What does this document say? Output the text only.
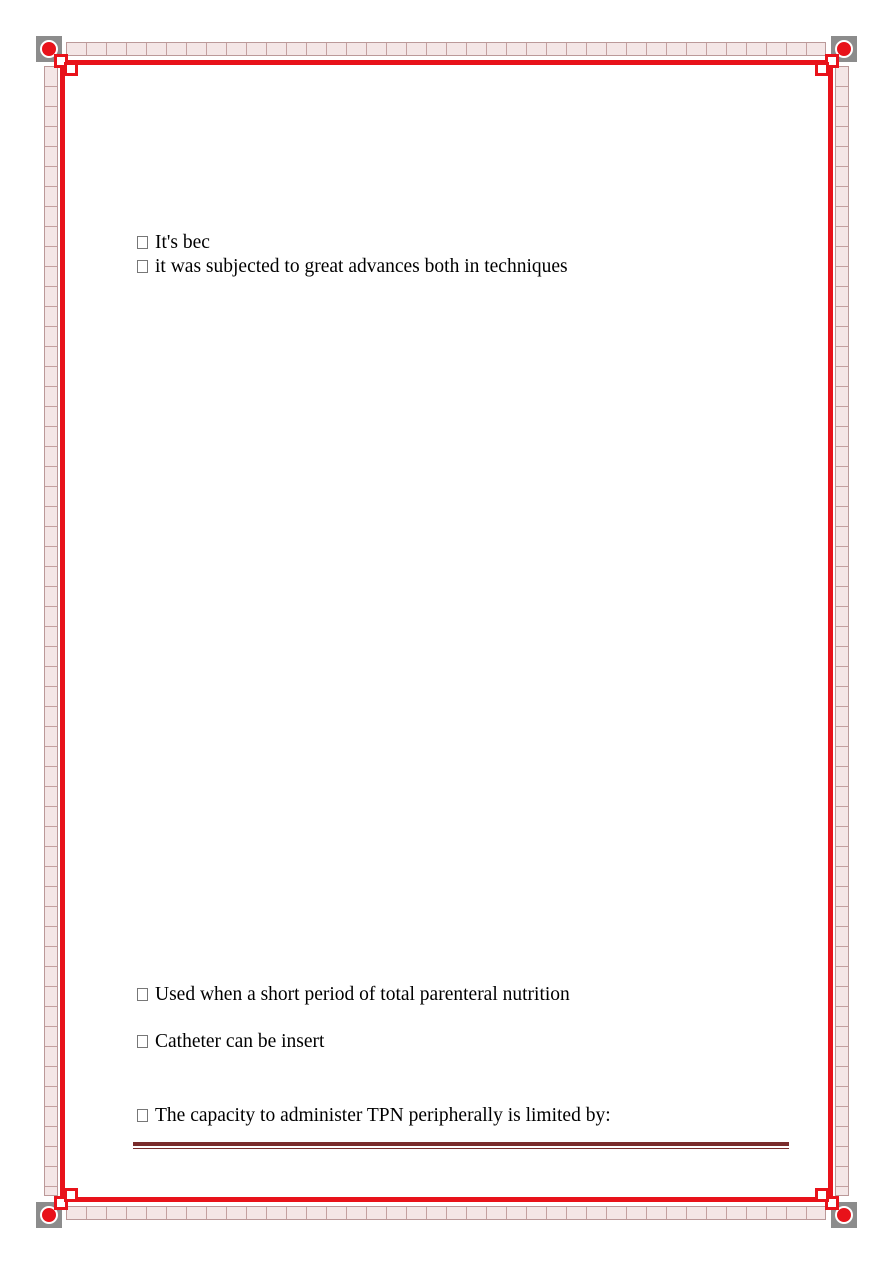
It's bec
it was subjected to great advances both in techniques
Used when a short period of total parenteral nutrition
Catheter can be insert
The capacity to administer TPN peripherally is limited by:
